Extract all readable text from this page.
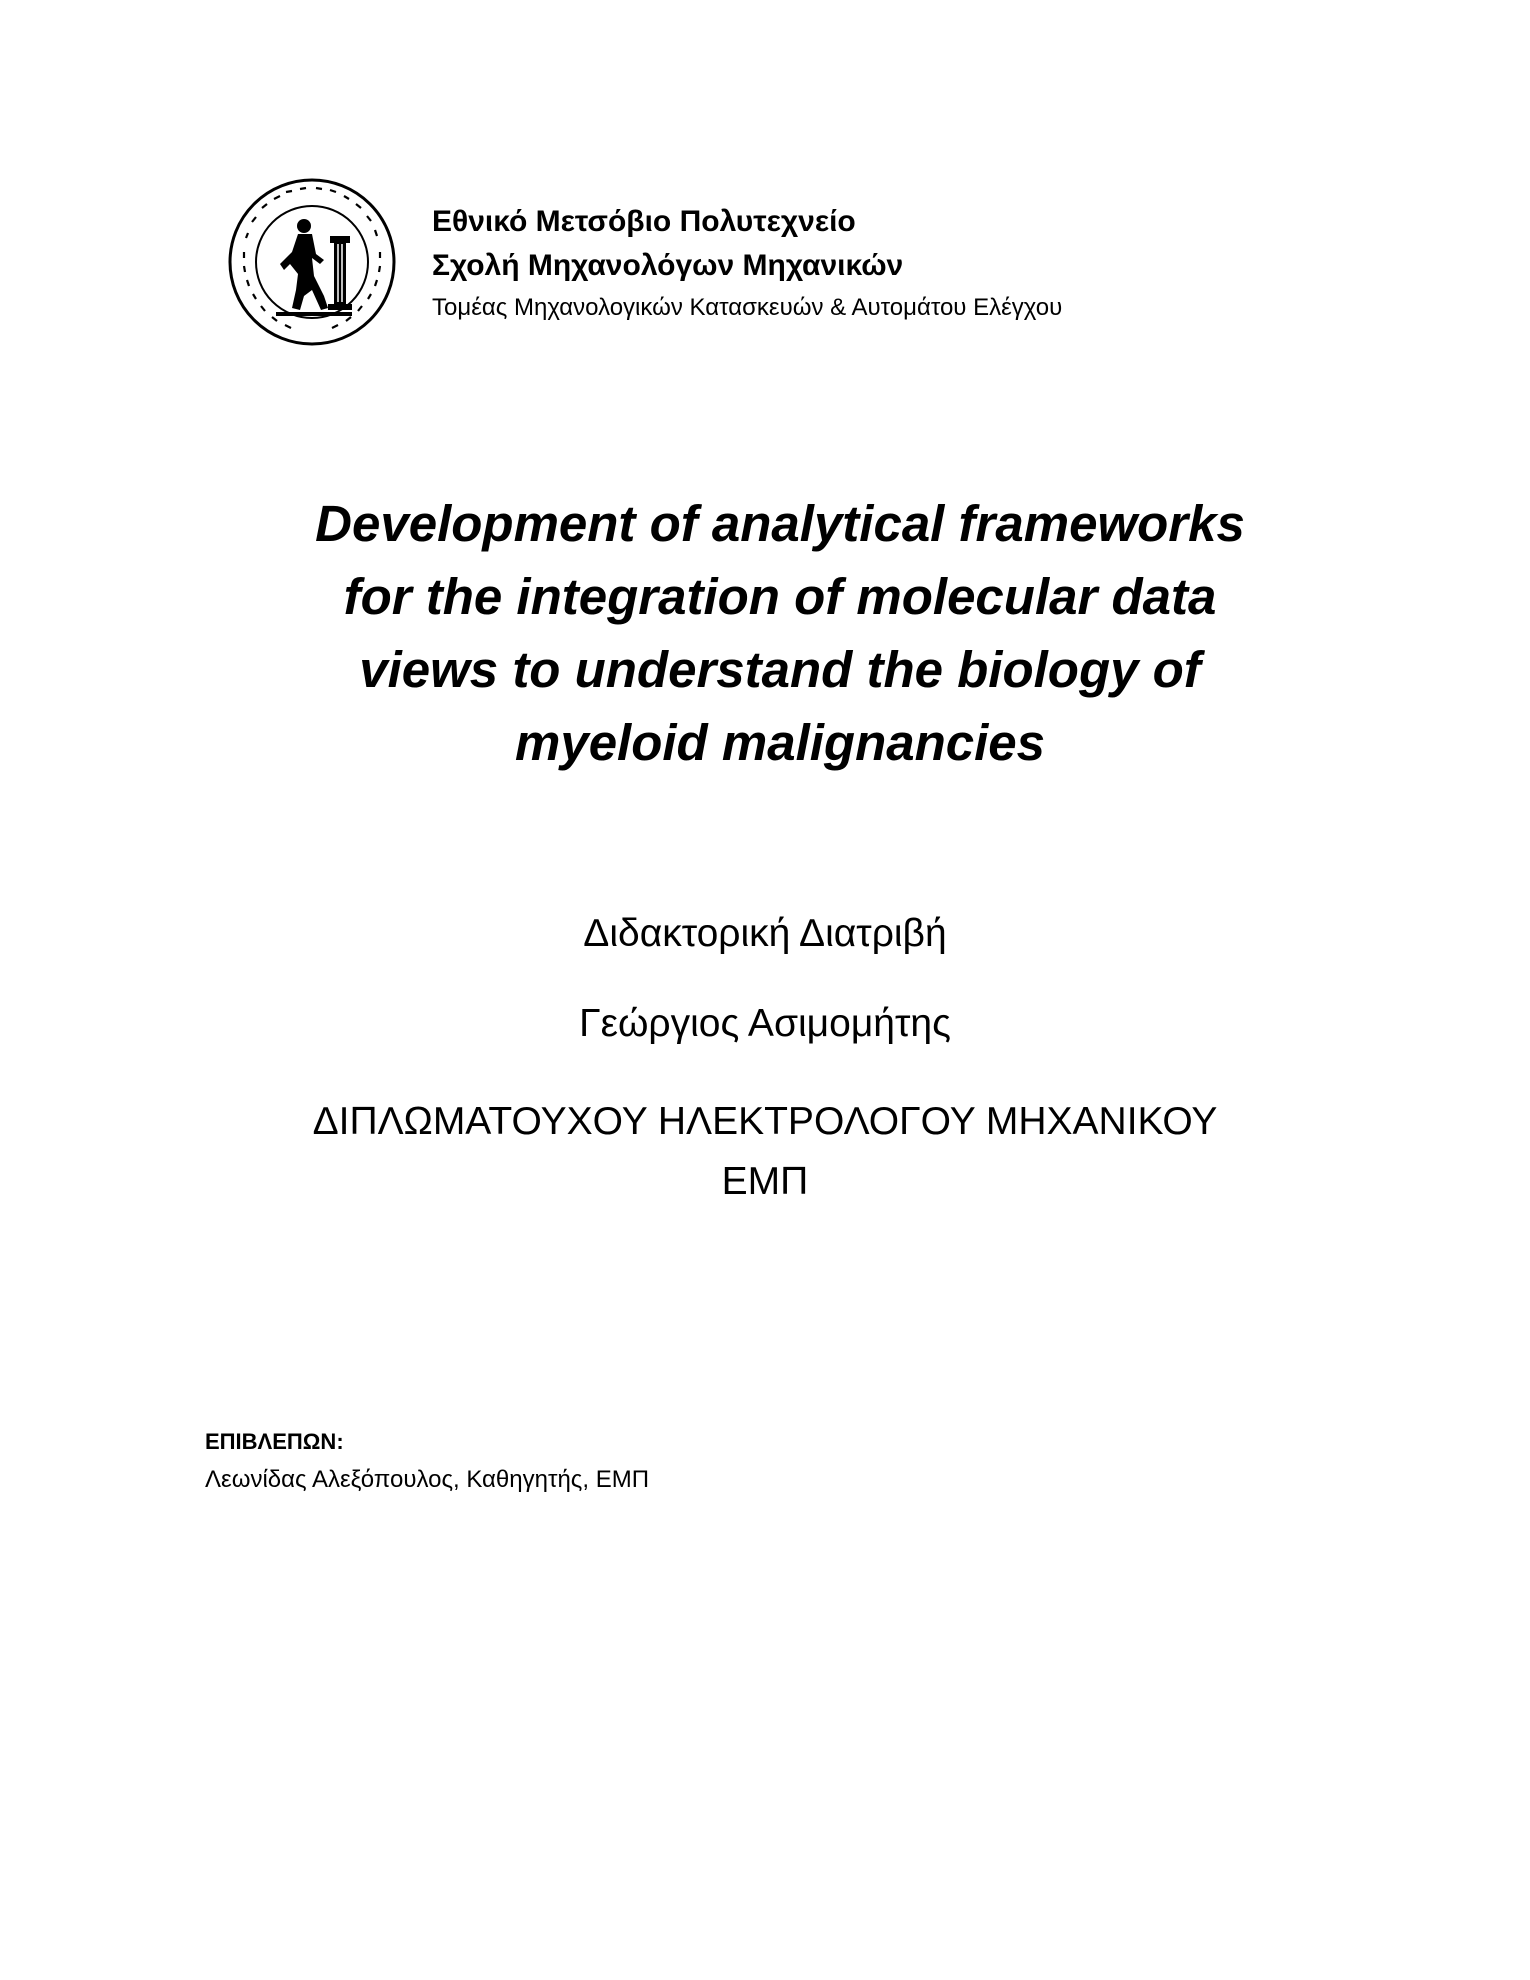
Εθνικό Μετσόβιο Πολυτεχνείο

Σχολή Μηχανολόγων Μηχανικών

Τομέας Μηχανολογικών Κατασκευών & Αυτομάτου Ελέγχου

Development of analytical frameworks
for the integration of molecular data
views to understand the biology of
myeloid malignancies
Διδακτορική Διατριβή
Γεώργιος Ασιμομήτης
ΔΙΠΛΩΜΑΤΟΥΧΟΥ ΗΛΕΚΤΡΟΛΟΓΟΥ ΜΗΧΑΝΙΚΟΥ
ΕΜΠ

ΕΠΙΒΛΕΠΩΝ:

Λεωνίδας Αλεξόπουλος, Καθηγητής, ΕΜΠ
